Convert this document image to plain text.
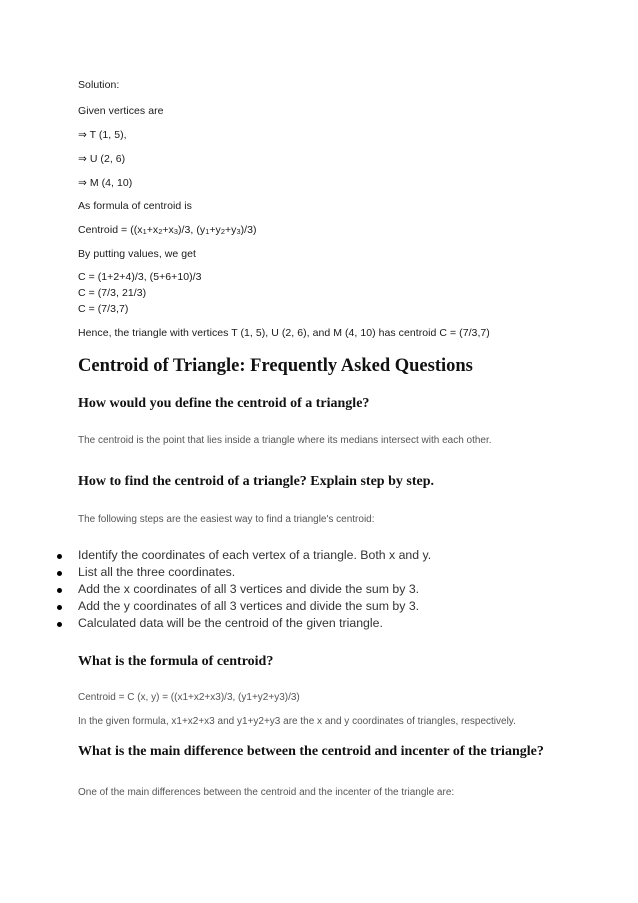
Solution:
Given vertices are
⇒ T (1, 5),
⇒ U (2, 6)
⇒ M (4, 10)
As formula of centroid is
Centroid = ($(x_1+x_2+x_3)/3$, $(y_1+y_2+y_3)/3$)
By putting values, we get
C = (1+2+4)/3, (5+6+10)/3
C = (7/3, 21/3)
C = (7/3,7)
Hence, the triangle with vertices T (1, 5), U (2, 6), and M (4, 10) has centroid C = (7/3,7)
Centroid of Triangle: Frequently Asked Questions
How would you define the centroid of a triangle?
The centroid is the point that lies inside a triangle where its medians intersect with each other.
How to find the centroid of a triangle? Explain step by step.
The following steps are the easiest way to find a triangle's centroid:
Identify the coordinates of each vertex of a triangle. Both x and y.
List all the three coordinates.
Add the x coordinates of all 3 vertices and divide the sum by 3.
Add the y coordinates of all 3 vertices and divide the sum by 3.
Calculated data will be the centroid of the given triangle.
What is the formula of centroid?
Centroid = C (x, y) = ((x1+x2+x3)/3, (y1+y2+y3)/3)
In the given formula, x1+x2+x3 and y1+y2+y3 are the x and y coordinates of triangles, respectively.
What is the main difference between the centroid and incenter of the triangle?
One of the main differences between the centroid and the incenter of the triangle are:
